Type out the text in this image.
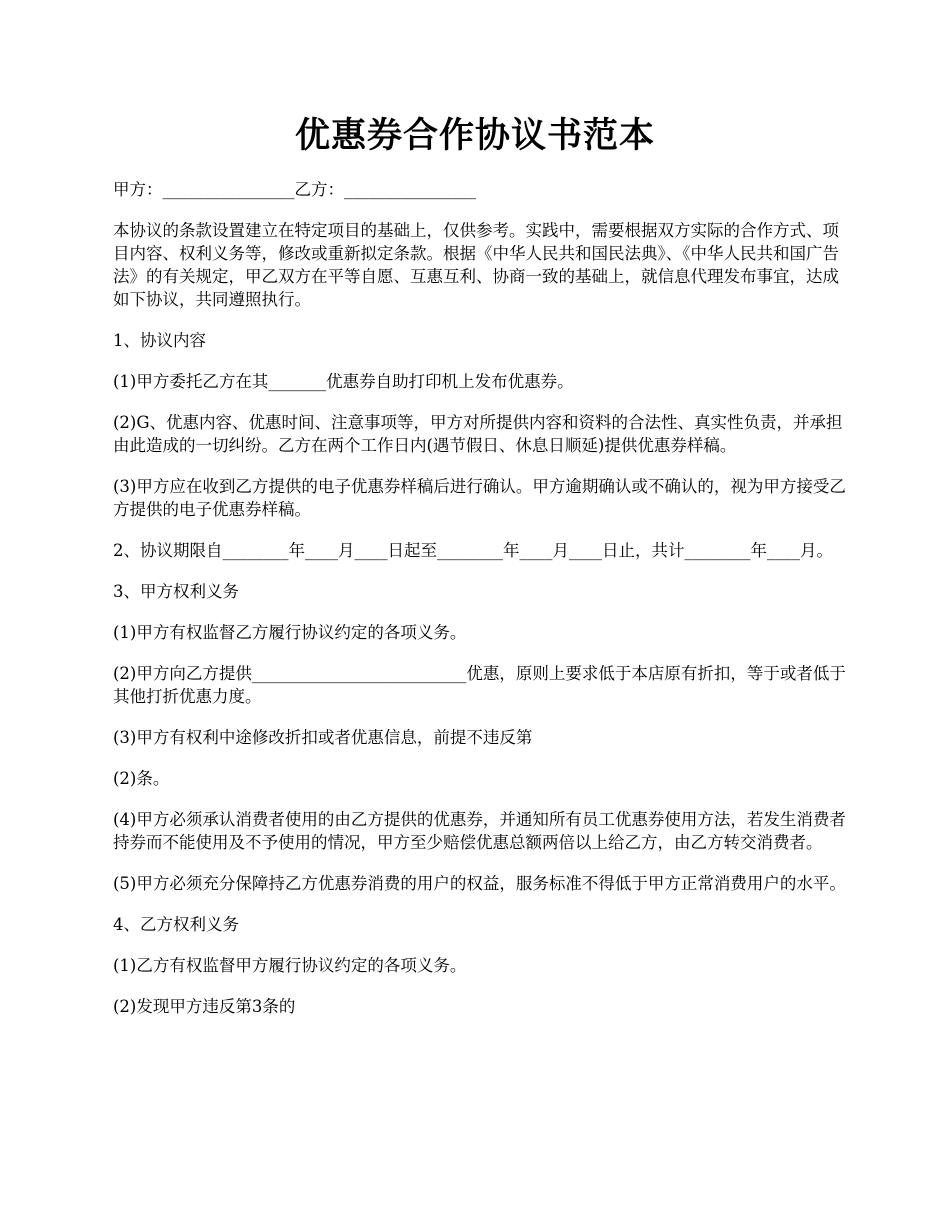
优惠券合作协议书范本

甲方：________________乙方：________________

本协议的条款设置建立在特定项目的基础上，仅供参考。实践中，需要根据双方实际的合作方式、项目内容、权利义务等，修改或重新拟定条款。根据《中华人民共和国民法典》、《中华人民共和国广告法》的有关规定，甲乙双方在平等自愿、互惠互利、协商一致的基础上，就信息代理发布事宜，达成如下协议，共同遵照执行。

1、协议内容

(1)甲方委托乙方在其_______优惠券自助打印机上发布优惠券。

(2)G、优惠内容、优惠时间、注意事项等，甲方对所提供内容和资料的合法性、真实性负责，并承担由此造成的一切纠纷。乙方在两个工作日内(遇节假日、休息日顺延)提供优惠券样稿。

(3)甲方应在收到乙方提供的电子优惠券样稿后进行确认。甲方逾期确认或不确认的，视为甲方接受乙方提供的电子优惠券样稿。

2、协议期限自________年____月____日起至________年____月____日止，共计________年____月。

3、甲方权利义务

(1)甲方有权监督乙方履行协议约定的各项义务。

(2)甲方向乙方提供__________________________优惠，原则上要求低于本店原有折扣，等于或者低于其他打折优惠力度。

(3)甲方有权利中途修改折扣或者优惠信息，前提不违反第

(2)条。

(4)甲方必须承认消费者使用的由乙方提供的优惠券，并通知所有员工优惠券使用方法，若发生消费者持券而不能使用及不予使用的情况，甲方至少赔偿优惠总额两倍以上给乙方，由乙方转交消费者。

(5)甲方必须充分保障持乙方优惠券消费的用户的权益，服务标准不得低于甲方正常消费用户的水平。

4、乙方权利义务

(1)乙方有权监督甲方履行协议约定的各项义务。

(2)发现甲方违反第3条的
